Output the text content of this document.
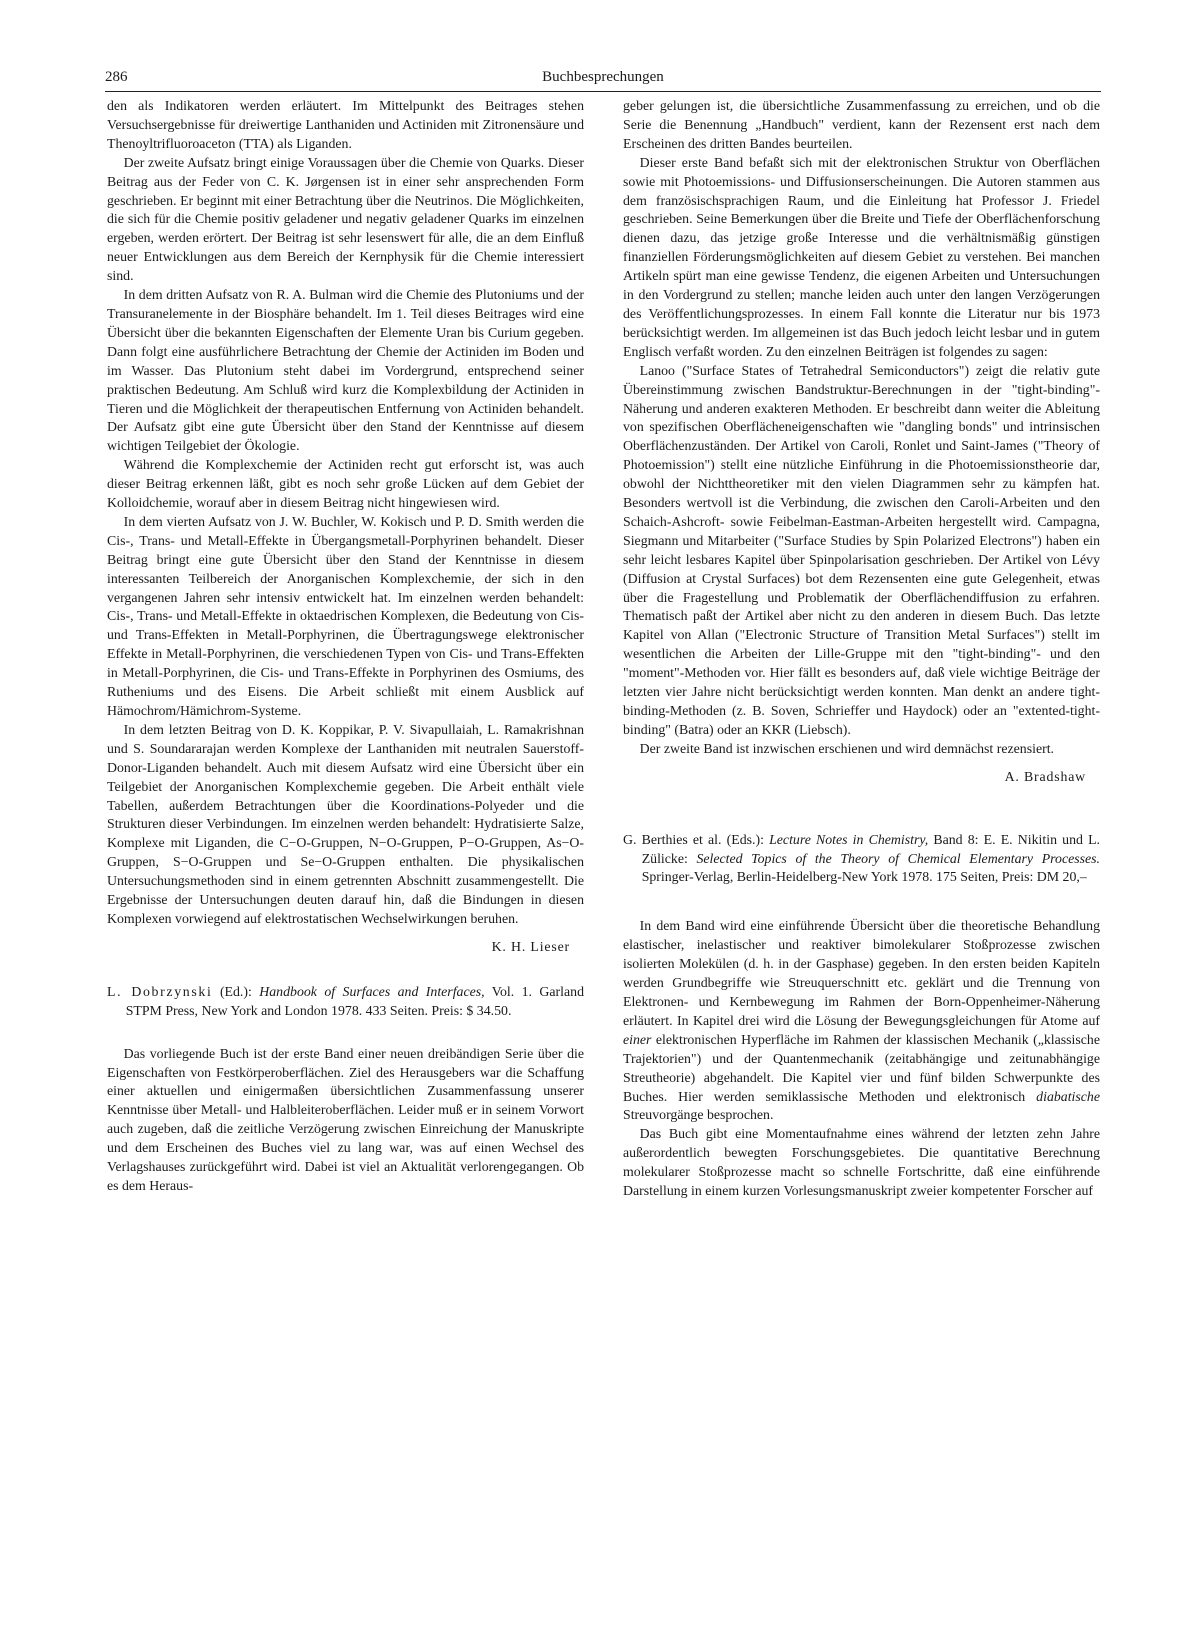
286	Buchbesprechungen

den als Indikatoren werden erläutert. Im Mittelpunkt des Beitrages stehen Versuchsergebnisse für dreiwertige Lanthaniden und Actiniden mit Zitronensäure und Thenoyltrifluoroaceton (TTA) als Liganden.

Der zweite Aufsatz bringt einige Voraussagen über die Chemie von Quarks. Dieser Beitrag aus der Feder von C. K. Jørgensen ist in einer sehr ansprechenden Form geschrieben. Er beginnt mit einer Betrachtung über die Neutrinos. Die Möglichkeiten, die sich für die Chemie positiv geladener und negativ geladener Quarks im einzelnen ergeben, werden erörtert. Der Beitrag ist sehr lesenswert für alle, die an dem Einfluß neuer Entwicklungen aus dem Bereich der Kernphysik für die Chemie interessiert sind.

In dem dritten Aufsatz von R. A. Bulman wird die Chemie des Plutoniums und der Transuranelemente in der Biosphäre behandelt. Im 1. Teil dieses Beitrages wird eine Übersicht über die bekannten Eigenschaften der Elemente Uran bis Curium gegeben. Dann folgt eine ausführlichere Betrachtung der Chemie der Actiniden im Boden und im Wasser. Das Plutonium steht dabei im Vordergrund, entsprechend seiner praktischen Bedeutung. Am Schluß wird kurz die Komplexbildung der Actiniden in Tieren und die Möglichkeit der therapeutischen Entfernung von Actiniden behandelt. Der Aufsatz gibt eine gute Übersicht über den Stand der Kenntnisse auf diesem wichtigen Teilgebiet der Ökologie.

Während die Komplexchemie der Actiniden recht gut erforscht ist, was auch dieser Beitrag erkennen läßt, gibt es noch sehr große Lücken auf dem Gebiet der Kolloidchemie, worauf aber in diesem Beitrag nicht hingewiesen wird.

In dem vierten Aufsatz von J. W. Buchler, W. Kokisch und P. D. Smith werden die Cis-, Trans- und Metall-Effekte in Übergangsmetall-Porphyrinen behandelt. Dieser Beitrag bringt eine gute Übersicht über den Stand der Kenntnisse in diesem interessanten Teilbereich der Anorganischen Komplexchemie, der sich in den vergangenen Jahren sehr intensiv entwickelt hat. Im einzelnen werden behandelt: Cis-, Trans- und Metall-Effekte in oktaedrischen Komplexen, die Bedeutung von Cis- und Trans-Effekten in Metall-Porphyrinen, die Übertragungswege elektronischer Effekte in Metall-Porphyrinen, die verschiedenen Typen von Cis- und Trans-Effekten in Metall-Porphyrinen, die Cis- und Trans-Effekte in Porphyrinen des Osmiums, des Rutheniums und des Eisens. Die Arbeit schließt mit einem Ausblick auf Hämochrom/Hämichrom-Systeme.

In dem letzten Beitrag von D. K. Koppikar, P. V. Sivapullaiah, L. Ramakrishnan und S. Soundararajan werden Komplexe der Lanthaniden mit neutralen Sauerstoff-Donor-Liganden behandelt. Auch mit diesem Aufsatz wird eine Übersicht über ein Teilgebiet der Anorganischen Komplexchemie gegeben. Die Arbeit enthält viele Tabellen, außerdem Betrachtungen über die Koordinations-Polyeder und die Strukturen dieser Verbindungen. Im einzelnen werden behandelt: Hydratisierte Salze, Komplexe mit Liganden, die C−O-Gruppen, N−O-Gruppen, P−O-Gruppen, As−O-Gruppen, S−O-Gruppen und Se−O-Gruppen enthalten. Die physikalischen Untersuchungsmethoden sind in einem getrennten Abschnitt zusammengestellt. Die Ergebnisse der Untersuchungen deuten darauf hin, daß die Bindungen in diesen Komplexen vorwiegend auf elektrostatischen Wechselwirkungen beruhen.

K. H. Lieser

L. Dobrzynski (Ed.): Handbook of Surfaces and Interfaces, Vol. 1. Garland STPM Press, New York and London 1978. 433 Seiten. Preis: $ 34.50.

Das vorliegende Buch ist der erste Band einer neuen dreibändigen Serie über die Eigenschaften von Festkörperoberflächen. Ziel des Herausgebers war die Schaffung einer aktuellen und einigermaßen übersichtlichen Zusammenfassung unserer Kenntnisse über Metall- und Halbleiteroberflächen. Leider muß er in seinem Vorwort auch zugeben, daß die zeitliche Verzögerung zwischen Einreichung der Manuskripte und dem Erscheinen des Buches viel zu lang war, was auf einen Wechsel des Verlagshauses zurückgeführt wird. Dabei ist viel an Aktualität verlorengegangen. Ob es dem Heraus-

geber gelungen ist, die übersichtliche Zusammenfassung zu erreichen, und ob die Serie die Benennung „Handbuch" verdient, kann der Rezensent erst nach dem Erscheinen des dritten Bandes beurteilen.

Dieser erste Band befaßt sich mit der elektronischen Struktur von Oberflächen sowie mit Photoemissions- und Diffusionserscheinungen. Die Autoren stammen aus dem französischsprachigen Raum, und die Einleitung hat Professor J. Friedel geschrieben. Seine Bemerkungen über die Breite und Tiefe der Oberflächenforschung dienen dazu, das jetzige große Interesse und die verhältnismäßig günstigen finanziellen Förderungsmöglichkeiten auf diesem Gebiet zu verstehen. Bei manchen Artikeln spürt man eine gewisse Tendenz, die eigenen Arbeiten und Untersuchungen in den Vordergrund zu stellen; manche leiden auch unter den langen Verzögerungen des Veröffentlichungsprozesses. In einem Fall konnte die Literatur nur bis 1973 berücksichtigt werden. Im allgemeinen ist das Buch jedoch leicht lesbar und in gutem Englisch verfaßt worden. Zu den einzelnen Beiträgen ist folgendes zu sagen:

Lanoo ("Surface States of Tetrahedral Semiconductors") zeigt die relativ gute Übereinstimmung zwischen Bandstruktur-Berechnungen in der "tight-binding"-Näherung und anderen exakteren Methoden. Er beschreibt dann weiter die Ableitung von spezifischen Oberflächeneigenschaften wie "dangling bonds" und intrinsischen Oberflächenzuständen. Der Artikel von Caroli, Ronlet und Saint-James ("Theory of Photoemission") stellt eine nützliche Einführung in die Photoemissionstheorie dar, obwohl der Nichttheoretiker mit den vielen Diagrammen sehr zu kämpfen hat. Besonders wertvoll ist die Verbindung, die zwischen den Caroli-Arbeiten und den Schaich-Ashcroft- sowie Feibelman-Eastman-Arbeiten hergestellt wird. Campagna, Siegmann und Mitarbeiter ("Surface Studies by Spin Polarized Electrons") haben ein sehr leicht lesbares Kapitel über Spinpolarisation geschrieben. Der Artikel von Lévy (Diffusion at Crystal Surfaces) bot dem Rezensenten eine gute Gelegenheit, etwas über die Fragestellung und Problematik der Oberflächendiffusion zu erfahren. Thematisch paßt der Artikel aber nicht zu den anderen in diesem Buch. Das letzte Kapitel von Allan ("Electronic Structure of Transition Metal Surfaces") stellt im wesentlichen die Arbeiten der Lille-Gruppe mit den "tight-binding"- und den "moment"-Methoden vor. Hier fällt es besonders auf, daß viele wichtige Beiträge der letzten vier Jahre nicht berücksichtigt werden konnten. Man denkt an andere tight-binding-Methoden (z. B. Soven, Schrieffer und Haydock) oder an "extented-tight-binding" (Batra) oder an KKR (Liebsch).

Der zweite Band ist inzwischen erschienen und wird demnächst rezensiert.

A. Bradshaw

G. Berthies et al. (Eds.): Lecture Notes in Chemistry, Band 8: E. E. Nikitin und L. Zülicke: Selected Topics of the Theory of Chemical Elementary Processes. Springer-Verlag, Berlin-Heidelberg-New York 1978. 175 Seiten, Preis: DM 20,–

In dem Band wird eine einführende Übersicht über die theoretische Behandlung elastischer, inelastischer und reaktiver bimolekularer Stoßprozesse zwischen isolierten Molekülen (d. h. in der Gasphase) gegeben. In den ersten beiden Kapiteln werden Grundbegriffe wie Streuquerschnitt etc. geklärt und die Trennung von Elektronen- und Kernbewegung im Rahmen der Born-Oppenheimer-Näherung erläutert. In Kapitel drei wird die Lösung der Bewegungsgleichungen für Atome auf einer elektronischen Hyperfläche im Rahmen der klassischen Mechanik („klassische Trajektorien") und der Quantenmechanik (zeitabhängige und zeitunabhängige Streutheorie) abgehandelt. Die Kapitel vier und fünf bilden Schwerpunkte des Buches. Hier werden semiklassische Methoden und elektronisch diabatische Streuvorgänge besprochen.

Das Buch gibt eine Momentaufnahme eines während der letzten zehn Jahre außerordentlich bewegten Forschungsgebietes. Die quantitative Berechnung molekularer Stoßprozesse macht so schnelle Fortschritte, daß eine einführende Darstellung in einem kurzen Vorlesungsmanuskript zweier kompetenter Forscher auf
